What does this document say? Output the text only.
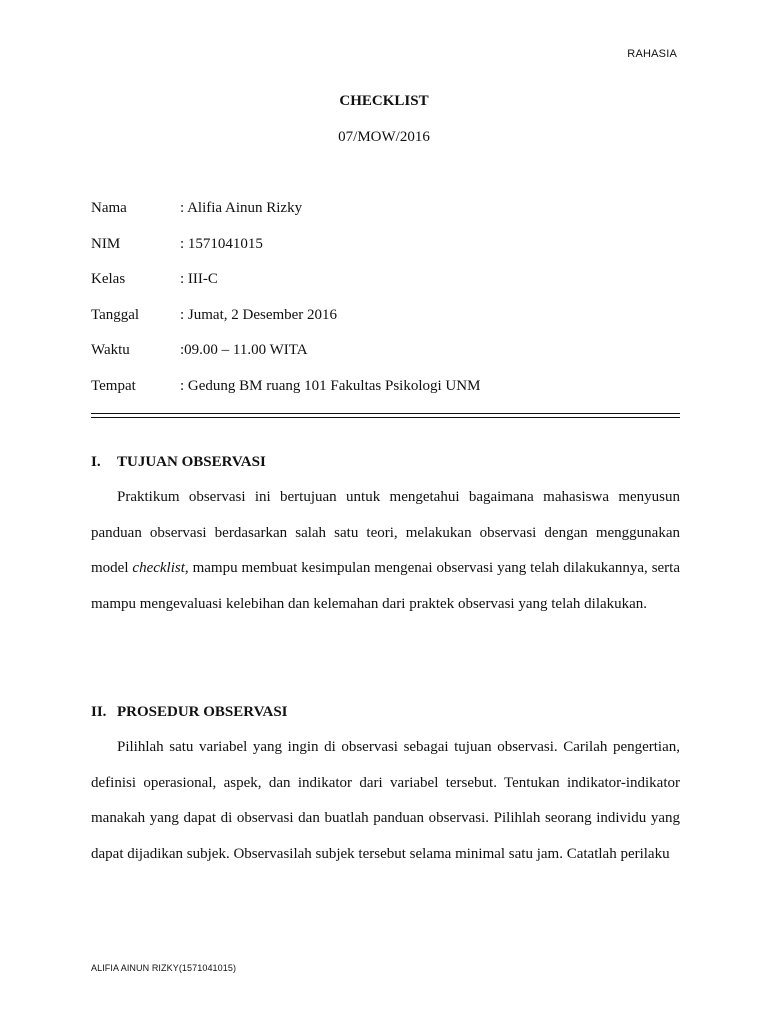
RAHASIA
CHECKLIST
07/MOW/2016
Nama	: Alifia Ainun Rizky
NIM	: 1571041015
Kelas	: III-C
Tanggal	: Jumat, 2 Desember 2016
Waktu	:09.00 – 11.00 WITA
Tempat	: Gedung BM ruang 101 Fakultas Psikologi UNM
I.	TUJUAN OBSERVASI

Praktikum observasi ini bertujuan untuk mengetahui bagaimana mahasiswa menyusun panduan observasi berdasarkan salah satu teori, melakukan observasi dengan menggunakan model checklist, mampu membuat kesimpulan mengenai observasi yang telah dilakukannya, serta mampu mengevaluasi kelebihan dan kelemahan dari praktek observasi yang telah dilakukan.

II. PROSEDUR OBSERVASI

Pilihlah satu variabel yang ingin di observasi sebagai tujuan observasi. Carilah pengertian, definisi operasional, aspek, dan indikator dari variabel tersebut. Tentukan indikator-indikator manakah yang dapat di observasi dan buatlah panduan observasi. Pilihlah seorang individu yang dapat dijadikan subjek. Observasilah subjek tersebut selama minimal satu jam. Catatlah perilaku

ALIFIA AINUN RIZKY(1571041015)
